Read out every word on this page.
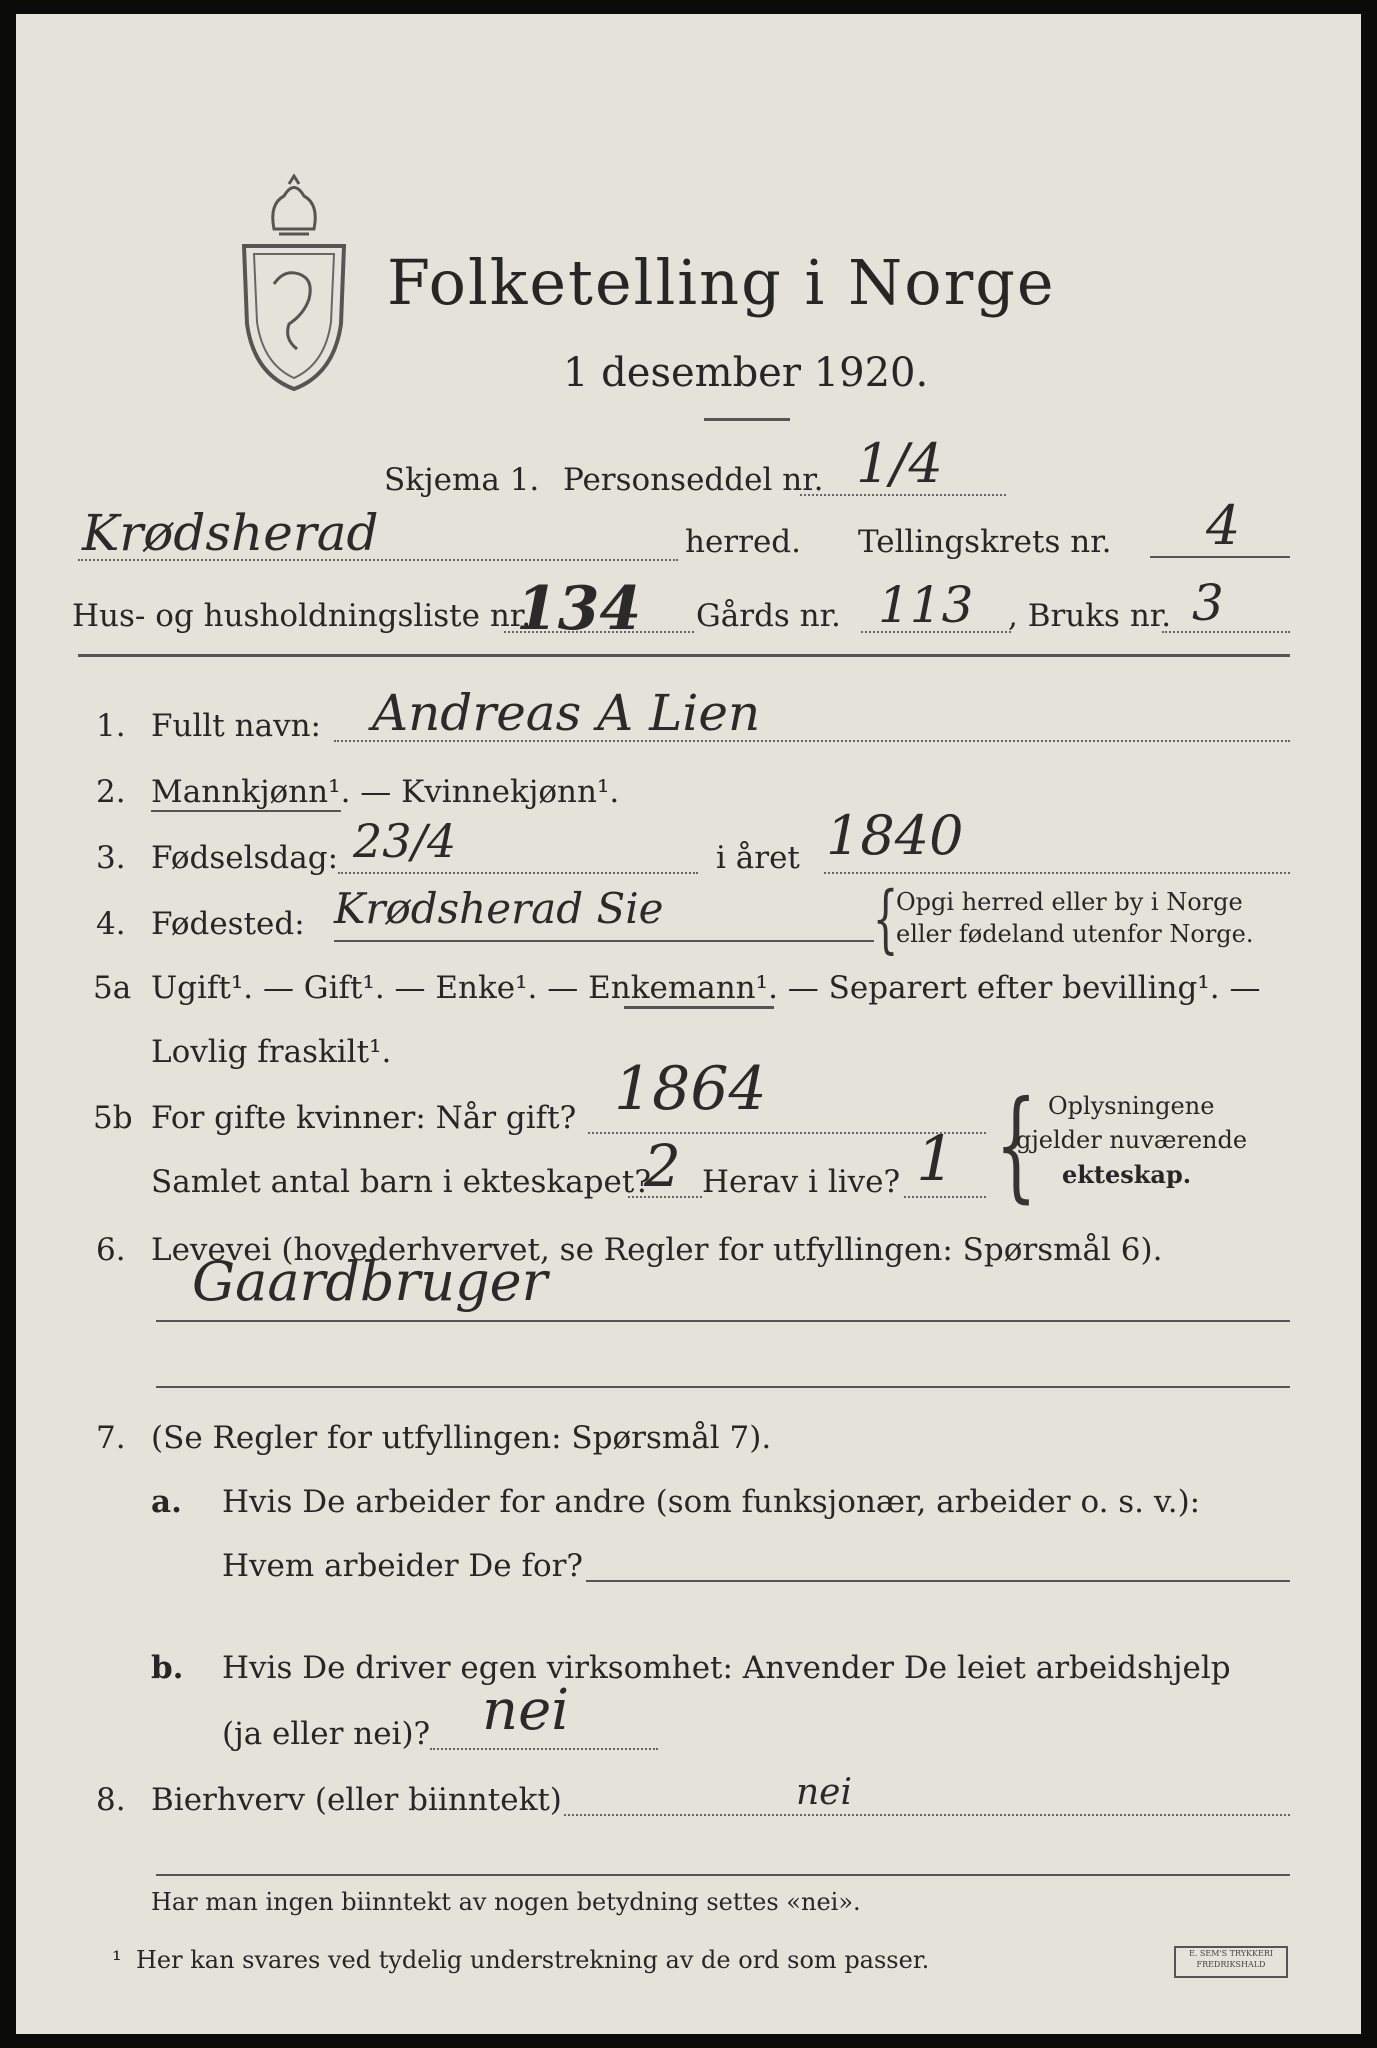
Folketelling i Norge
1 desember 1920.
Skjema 1. Personseddel nr. 1/4
Krødsherad	herred. Tellingskrets nr. 4
Hus- og husholdningsliste nr.
134 Gårds nr. 113 , Bruks nr. 3
1. Fullt navn: Andreas A Lien
2. Mannkjønn¹. — Kvinnekjønn¹.
3. Fødselsdag: 23/4	i året 1840
4. Fødested: Krødsherad Sie	{
Opgi herred eller by i Norge
eller fødeland utenfor Norge.
5a Ugift¹. — Gift¹. — Enke¹. — Enkemann¹. — Separert efter bevilling¹. —
Lovlig fraskilt¹.
5b For gifte kvinner: Når gift? 1864
Samlet antal barn i ekteskapet?
2 Herav i live? 1 { Oplysningene
gjelder nuværende
ekteskap.
6. Levevei (hovederhvervet, se Regler for utfyllingen: Spørsmål 6).
Gaardbruger
7. (Se Regler for utfyllingen: Spørsmål 7).
a. Hvis De arbeider for andre (som funksjonær, arbeider o. s. v.):
Hvem arbeider De for?
b. Hvis De driver egen virksomhet: Anvender De leiet arbeidshjelp
(ja eller nei)? nei
8. Bierhverv (eller biinntekt)	nei
Har man ingen biinntekt av nogen betydning settes «nei».
¹ Her kan svares ved tydelig understrekning av de ord som passer.	E. SEM'S TRYKKERI FREDRIKSHALD
